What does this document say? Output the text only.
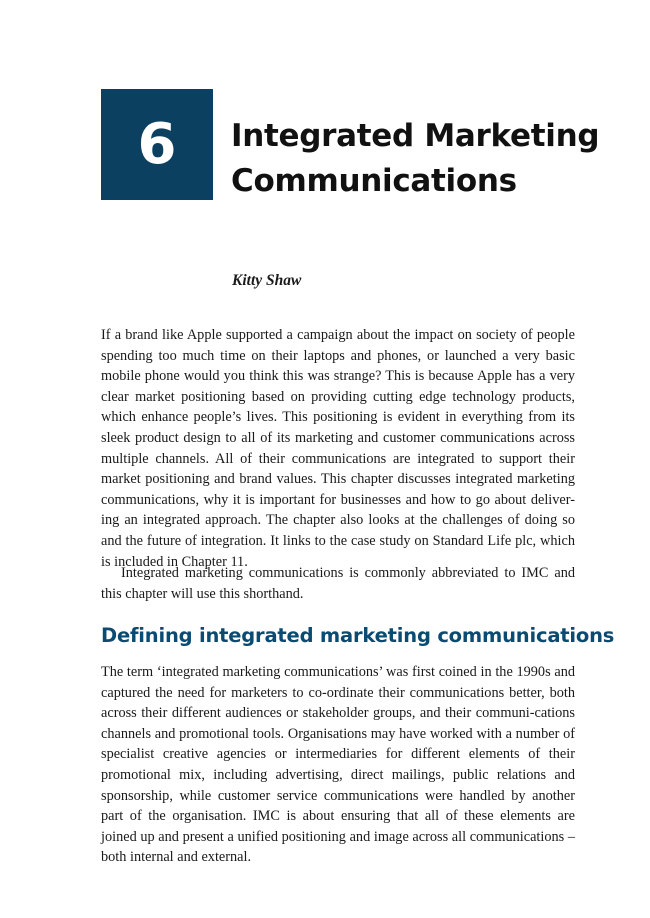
6 Integrated Marketing
Communications
Kitty Shaw

If a brand like Apple supported a campaign about the impact on society of people spending too much time on their laptops and phones, or launched a very basic mobile phone would you think this was strange? This is because Apple has a very clear market positioning based on providing cutting edge technology products, which enhance people’s lives. This positioning is evident in everything from its sleek product design to all of its marketing and customer communications across multiple channels. All of their communications are integrated to support their market positioning and brand values. This chapter discusses integrated marketing communications, why it is important for businesses and how to go about deliver-ing an integrated approach. The chapter also looks at the challenges of doing so and the future of integration. It links to the case study on Standard Life plc, which is included in Chapter 11.

Integrated marketing communications is commonly abbreviated to IMC and this chapter will use this shorthand.

Defining integrated marketing communications

The term ‘integrated marketing communications’ was first coined in the 1990s and captured the need for marketers to co-ordinate their communications better, both across their different audiences or stakeholder groups, and their communi-cations channels and promotional tools. Organisations may have worked with a number of specialist creative agencies or intermediaries for different elements of their promotional mix, including advertising, direct mailings, public relations and sponsorship, while customer service communications were handled by another part of the organisation. IMC is about ensuring that all of these elements are joined up and present a unified positioning and image across all communications – both internal and external.
